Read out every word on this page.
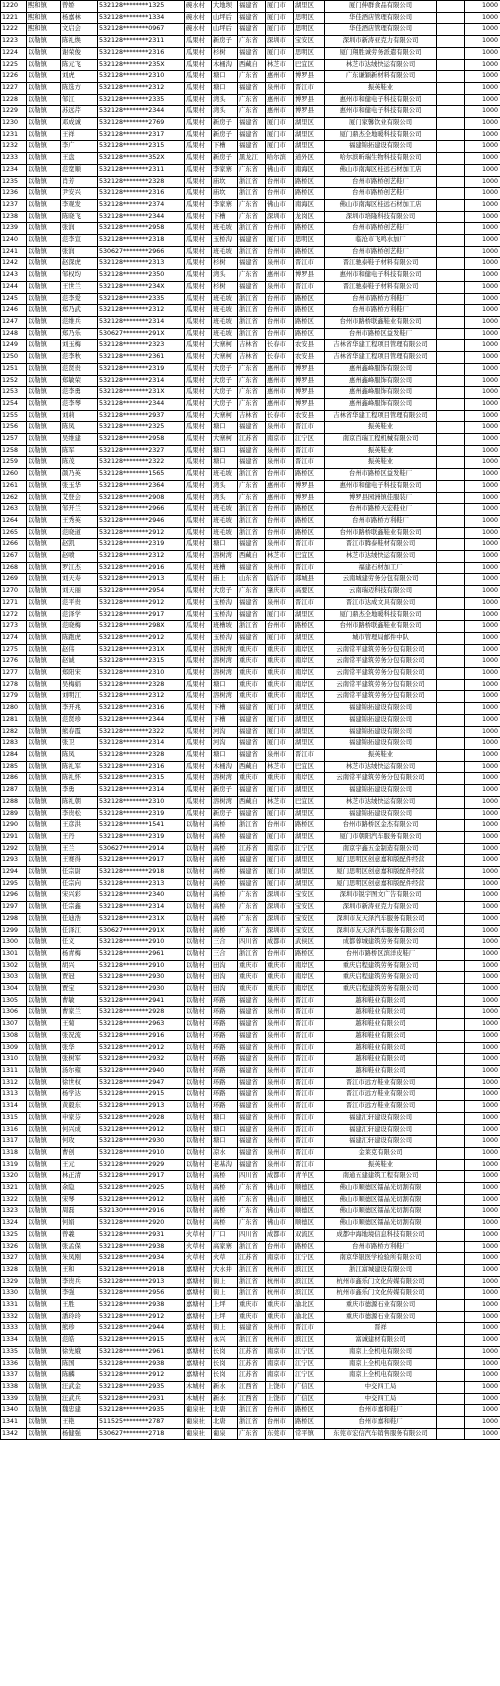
1220	熙和镇	曾娇	532128********1325	碗水村	大地坝	福建省	厦门市	湖里区	厦门伸群食品有限公司		1000
1221	熙和镇	杨嘉林	532128********1334	碗水村	山坪后	福建省	厦门市	思明区	华佳酒店管理有限公司		1000
1222	熙和镇	文启会	532128********0967	碗水村	山坪后	福建省	厦门市	思明区	华佳酒店管理有限公司		1000
1223	以勒镇	陈礼焕	532128********2311	瓜果村	新房子	广东省	深圳市	宝安区	深圳市新涛亚克力有限公司		1000
1224	以勒镇	谢荣俊	532128********2316	瓜果村	杉树	福建省	厦门市	思明区	厦门翔胜诚劳务派遣有限公司		1000
1225	以勒镇	陈元飞	532128********235X	瓜果村	木桶沟	西藏自	林芝市	巴宜区	林芝市达绒快运有限公司		1000
1226	以勒镇	刘虎	532128********2310	瓜果村	塘口	广东省	惠州市	博罗县	广东谦颖新材料有限公司		1000
1227	以勒镇	陈选方	532128********2312	瓜果村	塘口	福建省	泉州市	晋江市	振英鞋业		1000
1228	以勒镇	邹江	532128********2335	瓜果村	湾头	广东省	惠州市	博罗县	惠州市和健电子科技有限公司		1000
1229	以勒镇	苏远芹	532128********2344	瓜果村	湾头	广东省	惠州市	博罗县	惠州市和健电子科技有限公司		1000
1230	以勒镇	邓成诚	532128********2769	瓜果村	新房子	福建省	厦门市	湖里区	厦门家馨饮业有限公司		1000
1231	以勒镇	王祥	532128********2317	瓜果村	新房子	福建省	厦门市	湖里区	厦门鼎杰全地暖科技有限公司		1000
1232	以勒镇	李广	532128********2315	瓜果村	下槽	福建省	厦门市	湖里区	福建锦拓建设有限公司		1000
1233	以勒镇	王盘	532128********352X	瓜果村	新房子	黑龙江	哈尔滨	道外区	哈尔滨昕瑞生物科技有限公司		1000
1234	以勒镇	范宽顺	532128********2311	瓜果村	李家寨	广东省	佛山市	南海区	佛山市南海区桂远石材加工店		1000
1235	以勒镇	肖芳	532128********2328	瓜果村	庙坎	浙江省	台州市	路桥区	台州市路桥创艺鞋厂		1000
1236	以勒镇	尹安兴	532128********2316	瓜果村	庙坎	浙江省	台州市	路桥区	台州市路桥创艺鞋厂		1000
1237	以勒镇	李观发	532128********2374	瓜果村	李家寨	广东省	佛山市	南海区	佛山市南海区桂远石材加工店		1000
1238	以勒镇	陈晓飞	532128********2344	瓜果村	下槽	广东省	深圳市	龙岗区	深圳市培隆科技有限公司		1000
1239	以勒镇	张润	532128********2958	瓜果村	班毛坡	浙江省	台州市	路桥区	台州市路桥创艺鞋厂		1000
1240	以勒镇	范李宣	532128********2318	瓜果村	玉桥沟	福建省	厦门市	思明区	临沧市飞鸣水加厂		1000
1241	以勒镇	张润	530627********2966	瓜果村	班毛坡	浙江省	台州市	路桥区	台州市路桥创艺鞋厂		1000
1242	以勒镇	赵深虎	532128********2313	瓜果村	杉树	福建省	泉州市	晋江市	晋江驰泰鞋子材料有限公司		1000
1243	以勒镇	邹权均	532128********2350	瓜果村	湾头	广东省	惠州市	博罗县	惠州市和健电子科技有限公司		1000
1244	以勒镇	王世兰	532128********234X	瓜果村	杉树	福建省	泉州市	晋江市	晋江驰泰鞋子材料有限公司		1000
1245	以勒镇	范李爱	532128********2335	瓜果村	班毛坡	浙江省	台州市	路桥区	台州市路桥方利鞋厂		1000
1246	以勒镇	郑乃武	532128********2312	瓜果村	班毛坡	浙江省	台州市	路桥区	台州市路桥方利鞋厂		1000
1247	以勒镇	范维兵	532128********2314	瓜果村	班毛坡	浙江省	台州市	路桥区	台州市路桥联鑫鞋业有限公司		1000
1248	以勒镇	郑乃乐	530627********291X	瓜果村	班毛坡	浙江省	台州市	路桥区	台州市路桥区益发鞋厂		1000
1249	以勒镇	刘玉梅	532128********2323	瓜果村	大寨柯	吉林省	长春市	农安县	吉林省华建工程项目管理有限公司		1000
1250	以勒镇	范李秋	532128********2361	瓜果村	大寨柯	吉林省	长春市	农安县	吉林省华建工程项目管理有限公司		1000
1251	以勒镇	范贤贵	532128********2319	瓜果村	大房子	广东省	惠州市	博罗县	惠州鑫峰服饰有限公司		1000
1252	以勒镇	郑敏荣	532128********2314	瓜果村	大房子	广东省	惠州市	博罗县	惠州鑫峰服饰有限公司		1000
1253	以勒镇	范李勇	532128********231X	瓜果村	大房子	广东省	惠州市	博罗县	惠州鑫峰服饰有限公司		1000
1254	以勒镇	范李琴	532128********2344	瓜果村	大房子	广东省	惠州市	博罗县	惠州鑫峰服饰有限公司		1000
1255	以勒镇	刘莉	532128********2937	瓜果村	大寨柯	吉林省	长春市	农安县	吉林省华建工程项目管理有限公司		1000
1256	以勒镇	陈凤	532128********2325	瓜果村	塘口	福建省	泉州市	晋江市	振英鞋业		1000
1257	以勒镇	吴维建	532128********2958	瓜果村	大寨柯	江苏省	南京市	江宁区	南京百瑞工程机械有限公司		1000
1258	以勒镇	陈军	532128********2327	瓜果村	塘口	福建省	泉州市	晋江市	振英鞋业		1000
1259	以勒镇	陈茂	532128********2322	瓜果村	塘口	福建省	泉州市	晋江市	振英鞋业		1000
1260	以勒镇	颜乃英	532128********1565	瓜果村	班毛坡	浙江省	台州市	路桥区	台州市路桥区益发鞋厂		1000
1261	以勒镇	张玉华	532128********2364	瓜果村	湾头	广东省	惠州市	博罗县	惠州市和健电子科技有限公司		1000
1262	以勒镇	艾登会	532128********2908	瓜果村	湾头	广东省	惠州市	博罗县	博罗县园洲镇佳服装厂		1000
1263	以勒镇	邹开兰	532128********2966	瓜果村	班毛坡	浙江省	台州市	路桥区	台州市路桥天宏鞋业厂		1000
1264	以勒镇	王秀英	532128********2946	瓜果村	班毛坡	浙江省	台州市	路桥区	台州市路桥方利鞋厂		1000
1265	以勒镇	范晓道	532128********2912	瓜果村	班毛坡	浙江省	台州市	路桥区	台州市路桥联鑫鞋业有限公司		1000
1266	以勒镇	赵凯	532128********2319	瓜果村	塘口	福建省	泉州市	晋江市	晋江市腾泰鞋材有限公司		1000
1267	以勒镇	赵喷	532128********2312	瓜果村	溶树湾	西藏自	林芝市	巴宜区	林芝市达绒快运有限公司		1000
1268	以勒镇	罗江杰	532128********2916	瓜果村	班槽	福建省	泉州市	晋江市	福建石材加工厂		1000
1269	以勒镇	刘天寿	532128********2913	瓜果村	庙上	山东省	临沂市	郯城县	云南城建劳务分包有限公司		1000
1270	以勒镇	刘天丽	532128********2954	瓜果村	大房子	广东省	肇庆市	高要区	云南瑞迈科技有限公司		1000
1271	以勒镇	范平贵	532128********2912	瓜果村	玉桥沟	福建省	泉州市	晋江市	晋江市达成文具有限公司		1000
1272	以勒镇	范泽学	532128********2917	瓜果村	玉桥沟	福建省	厦门市	湖里区	厦门鼎杰全地暖科技有限公司		1000
1273	以勒镇	范晓梅	532128********298X	瓜果村	班槽坡	浙江省	台州市	路桥区	台州市路桥联鑫鞋业有限公司		1000
1274	以勒镇	陈跑虎	532128********2912	瓜果村	玉桥沟	福建省	厦门市	湖里区	城市管理局邮件中队		1000
1275	以勒镇	赵伟	532128********231X	瓜果村	溶树湾	重庆市	重庆市	南岸区	云南常平建筑劳务分包有限公司		1000
1276	以勒镇	赵诚	532128********2315	瓜果村	溶树湾	重庆市	重庆市	南岸区	云南常平建筑劳务分包有限公司		1000
1277	以勒镇	郑阳宋	532128********2310	瓜果村	溶树湾	重庆市	重庆市	南岸区	云南常平建筑劳务分包有限公司		1000
1278	以勒镇	吴梅娟	532128********2328	瓜果村	塘口	重庆市	重庆市	南岸区	云南常平建筑劳务分包有限公司		1000
1279	以勒镇	刘明江	532128********2312	瓜果村	溶树湾	重庆市	重庆市	南岸区	云南常平建筑劳务分包有限公司		1000
1280	以勒镇	李开兆	532128********2316	瓜果村	下槽	福建省	厦门市	湖里区	福建锦拓建设有限公司		1000
1281	以勒镇	范贤珍	532128********2344	瓜果村	下槽	福建省	厦门市	湖里区	福建锦拓建设有限公司		1000
1282	以勒镇	熊春霞	532128********2322	瓜果村	河沟	福建省	厦门市	湖里区	福建锦拓建设有限公司		1000
1283	以勒镇	张卫	532128********2314	瓜果村	河沟	福建省	厦门市	湖里区	福建锦拓建设有限公司		1000
1284	以勒镇	陈凤	532128********2328	瓜果村	塘口	福建省	泉州市	晋江市	振英鞋业		1000
1285	以勒镇	陈礼军	532128********2316	瓜果村	木桶沟	西藏自	林芝市	巴宜区	林芝市达绒快运有限公司		1000
1286	以勒镇	陈礼怀	532128********2315	瓜果村	溶树湾	重庆市	重庆市	南岸区	云南常平建筑劳务分包有限公司		1000
1287	以勒镇	李勇	532128********2314	瓜果村	新房子	福建省	厦门市	湖里区	福建锦拓建设有限公司		1000
1288	以勒镇	陈礼朝	532128********2310	瓜果村	溶树湾	西藏自	林芝市	巴宜区	林芝市达绒快运有限公司		1000
1289	以勒镇	李贵松	532128********2319	瓜果村	新房子	福建省	厦门市	湖里区	福建锦拓建设有限公司		1000
1290	以勒镇	王彦洪	532128********1541	以勒村	高桥	浙江省	台州市	路桥区	台州市路桥区金杰有限公司		1000
1291	以勒镇	王丹	532128********2319	以勒村	高桥	福建省	厦门市	湖里区	厦门市朝阳汽车服务有限公司		1000
1292	以勒镇	王兰	530627********2914	以勒村	高桥	江苏省	南京市	江宁区	南京宇鑫五金制造有限公司		1000
1293	以勒镇	王赛得	532128********2917	以勒村	高桥	福建省	厦门市	湖里区	厦门思明区创意嘉和版配件经营		1000
1294	以勒镇	任宗尉	532128********2918	以勒村	高桥	福建省	厦门市	湖里区	厦门思明区创意嘉和版配件经营		1000
1295	以勒镇	任宗向	532128********2313	以勒村	高桥	福建省	厦门市	湖里区	厦门思明区创意嘉和版配件经营		1000
1296	以勒镇	宋兴彩	532128********2340	以勒村	高桥	广东省	深圳市	宝安区	深圳市锐宇图文广告有限公司		1000
1297	以勒镇	任宗鑫	532128********2314	以勒村	高桥	广东省	深圳市	宝安区	深圳市新涛亚克力有限公司		1000
1298	以勒镇	任迪浩	532128********231X	以勒村	高桥	广东省	深圳市	宝安区	深圳市友天泽汽车服务有限公司		1000
1299	以勒镇	任泽江	530627********291X	以勒村	高桥	广东省	深圳市	宝安区	深圳市友天泽汽车服务有限公司		1000
1300	以勒镇	任义	532128********2910	以勒村	三合	四川省	成都市	武侯区	成都蓉城建筑劳务有限公司		1000
1301	以勒镇	杨青梅	532128********2961	以勒村	三合	浙江省	台州市	路桥区	台州市路桥区滨洋皮鞋厂		1000
1302	以勒镇	胡兴	532128********2910	以勒村	田沟	重庆市	重庆市	南岸区	重庆启程建筑劳务有限公司		1000
1303	以勒镇	贾冠	532128********2930	以勒村	田沟	重庆市	重庆市	南岸区	重庆启程建筑劳务有限公司		1000
1304	以勒镇	贾宝	532128********2930	以勒村	田沟	重庆市	重庆市	南岸区	重庆启程建筑劳务有限公司		1000
1305	以勒镇	曹敏	532128********2941	以勒村	环路	福建省	泉州市	晋江市	越和鞋业有限公司		1000
1306	以勒镇	曹家兰	532128********2928	以勒村	环路	福建省	泉州市	晋江市	越和鞋业有限公司		1000
1307	以勒镇	王菊	532128********2963	以勒村	环路	福建省	泉州市	晋江市	越和鞋业有限公司		1000
1308	以勒镇	张况流	532128********2916	以勒村	环路	福建省	泉州市	晋江市	越和鞋业有限公司		1000
1309	以勒镇	张华	532128********2912	以勒村	环路	福建省	泉州市	晋江市	越和鞋业有限公司		1000
1310	以勒镇	张树军	532128********2932	以勒村	环路	福建省	泉州市	晋江市	越和鞋业有限公司		1000
1311	以勒镇	汤尔雍	532128********2940	以勒村	环路	福建省	泉州市	晋江市	越和鞋业有限公司		1000
1312	以勒镇	徐世权	532128********2947	以勒村	环路	福建省	泉州市	晋江市	晋江市远方鞋业有限公司		1000
1313	以勒镇	杨学达	532128********2915	以勒村	环路	福建省	泉州市	晋江市	晋江市远方鞋业有限公司		1000
1314	以勒镇	黄毅东	532128********2913	以勒村	环路	福建省	泉州市	晋江市	晋江市远方鞋业有限公司		1000
1315	以勒镇	申家芬	532128********2928	以勒村	塘口	福建省	泉州市	晋江市	福建汇轩建设有限公司		1000
1316	以勒镇	何兴成	532128********2912	以勒村	塘口	福建省	泉州市	晋江市	福建汇轩建设有限公司		1000
1317	以勒镇	何攻	532128********2930	以勒村	塘口	福建省	泉州市	晋江市	福建汇轩建设有限公司		1000
1318	以勒镇	曹创	532128********2910	以勒村	凉水	福建省	泉州市	晋江市	金莱克有限公司		1000
1319	以勒镇	王元	532128********2929	以勒村	老基沟	福建省	泉州市	晋江市	振英鞋业		1000
1320	以勒镇	林正清	532128********2917	以勒村	高桥	四川省	成都市	青羊区	南通五建建筑工程有限公司		1000
1321	以勒镇	余隐	532128********2925	以勒村	高桥	广东省	佛山市	顺德区	佛山市顺德区镭晶光切割有限		1000
1322	以勒镇	宋琴	532128********2912	以勒村	高桥	广东省	佛山市	顺德区	佛山市顺德区镭晶光切割有限		1000
1323	以勒镇	周磊	532130********2916	以勒村	高桥	广东省	佛山市	顺德区	佛山市顺德区镭晶光切割有限		1000
1324	以勒镇	何娟	532128********2920	以勒村	高桥	广东省	佛山市	顺德区	佛山市顺德区镭晶光切割有限		1000
1325	以勒镇	曾羲	532128********2931	火草村	厂口	四川省	成都市	双流区	成都中海地境信息科技有限公司		1000
1326	以勒镇	张孟保	532128********2938	火草村	高家寨	浙江省	台州市	路桥区	台州市路桥方利鞋厂		1000
1327	以勒镇	朱凤刚	532128********2934	火草村	火草	江苏省	南京市	江宁区	南京华银医学检验所有限公司		1000
1328	以勒镇	王和	532128********2918	嘉塘村	大水井	浙江省	杭州市	滨江区	浙江富城建设有限公司		1000
1329	以勒镇	李贵兵	532128********2913	嘉塘村	街上	浙江省	杭州市	滨江区	杭州市鑫乐门文化传媒有限公司		1000
1330	以勒镇	李强	532128********2956	嘉塘村	街上	浙江省	杭州市	滨江区	杭州市鑫乐门文化传媒有限公司		1000
1331	以勒镇	王胜	532128********2938	嘉塘村	上坪	重庆市	重庆市	渝北区	重庆市德源石业有限公司		1000
1332	以勒镇	潘玲玲	532128********2912	嘉塘村	上坪	重庆市	重庆市	渝北区	重庆市德源石业有限公司		1000
1333	以勒镇	熊珍	532128********2944	嘉塘村	街上	福建省	泉州市	晋江市	晋祥		1000
1334	以勒镇	范皓	532128********2915	嘉塘村	永兴	浙江省	杭州市	滨江区	富诚建材有限公司		1000
1335	以勒镇	徐先娥	532128********2961	嘉塘村	长岗	江苏省	南京市	江宁区	南京上全机电有限公司		1000
1336	以勒镇	陈国	532128********2938	嘉塘村	长岗	江苏省	南京市	江宁区	南京上全机电有限公司		1000
1337	以勒镇	陈麟	532128********2912	嘉塘村	长岗	江苏省	南京市	江宁区	南京上全机电有限公司		1000
1338	以勒镇	汪武金	532128********2935	木城村	新水	江西省	上饶市	广信区	中交四工局		1000
1339	以勒镇	汪武兵	532128********2931	木城村	新水	江西省	上饶市	广信区	中交四工局		1000
1340	以勒镇	魏忠建	532128********2935	葡泉社	北唐	浙江省	台州市	路桥区	台州市嘉和鞋厂		1000
1341	以勒镇	王艳	511525********2787	葡泉社	北唐	浙江省	台州市	路桥区	台州市嘉和鞋厂		1000
1342	以勒镇	杨健强	530627********2718	葡泉社	葡泉	广东省	东莞市	常平镇	东莞市宏信汽车销售服务有限公司		1000
